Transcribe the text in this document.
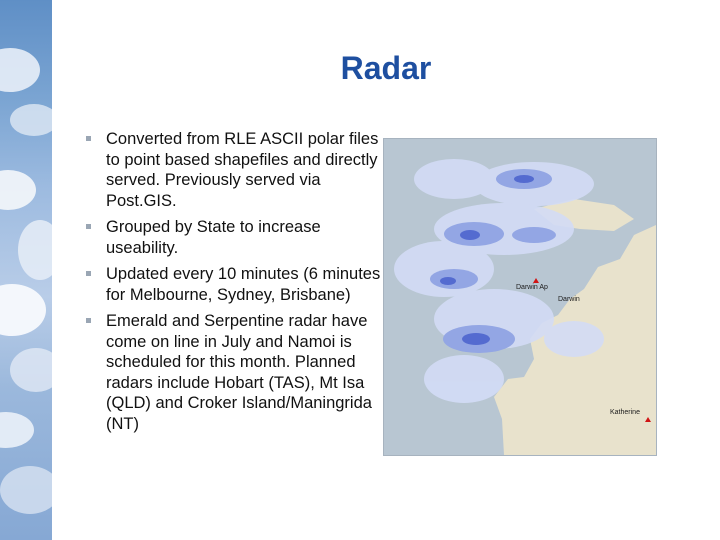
Radar
Converted from RLE ASCII polar files to point based shapefiles and directly served. Previously served via Post.GIS.
Grouped by State to increase useability.
Updated every 10 minutes (6 minutes for Melbourne, Sydney, Brisbane)
Emerald and Serpentine radar have come on line in July and Namoi is scheduled for this month. Planned radars include Hobart (TAS), Mt Isa (QLD) and Croker Island/Maningrida (NT)
Darwin Ap
Darwin
Katherine
